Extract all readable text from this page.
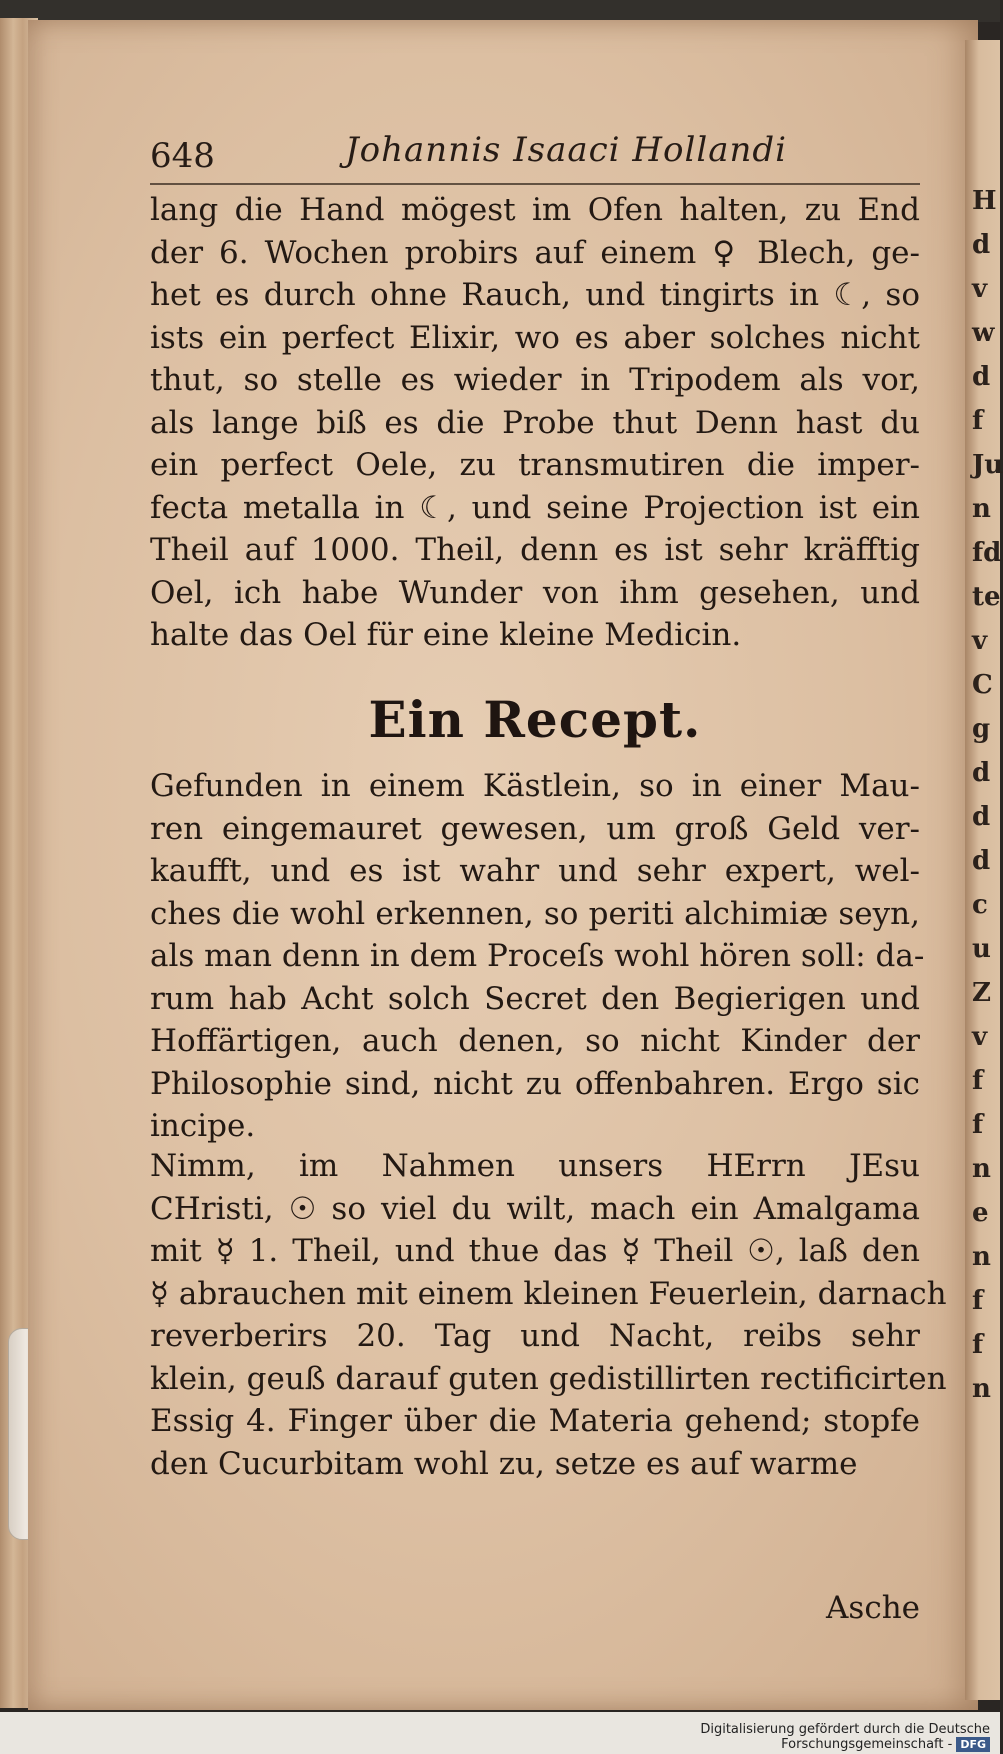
H
d
v
w
d
f
Ju
n
fd
te
v
C
g
d
d
d
c
u
Z
v
f
f
n
e
n
f
f
n
648	Johannis Isaaci Hollandi
lang die Hand mögest im Ofen halten, zu End
der 6. Wochen probirs auf einem ♀ Blech, ge-
het es durch ohne Rauch, und tingirts in ☾, so
ists ein perfect Elixir, wo es aber solches nicht
thut, so stelle es wieder in Tripodem als vor,
als lange biß es die Probe thut Denn hast du
ein perfect Oele, zu transmutiren die imper-
fecta metalla in ☾, und seine Projection ist ein
Theil auf 1000. Theil, denn es ist sehr kräfftig
Oel, ich habe Wunder von ihm gesehen, und
halte das Oel für eine kleine Medicin.
Ein Recept.
Gefunden in einem Kästlein, so in einer Mau-
ren eingemauret gewesen, um groß Geld ver-
kaufft, und es ist wahr und sehr expert, wel-
ches die wohl erkennen, so periti alchimiæ seyn,
als man denn in dem Proceſs wohl hören soll: da-
rum hab Acht solch Secret den Begierigen und
Hoffärtigen, auch denen, so nicht Kinder der
Philosophie sind, nicht zu offenbahren. Ergo sic
incipe.
Nimm, im Nahmen unsers HErrn JEsu
CHristi, ☉ so viel du wilt, mach ein Amalgama
mit ☿ 1. Theil, und thue das ☿ Theil ☉, laß den
☿ abrauchen mit einem kleinen Feuerlein, darnach
reverberirs 20. Tag und Nacht, reibs sehr
klein, geuß darauf guten gedistillirten rectificirten
Essig 4. Finger über die Materia gehend; stopfe
den Cucurbitam wohl zu, setze es auf warme
Asche
Digitalisierung gefördert durch die Deutsche Forschungsgemeinschaft - DFG
